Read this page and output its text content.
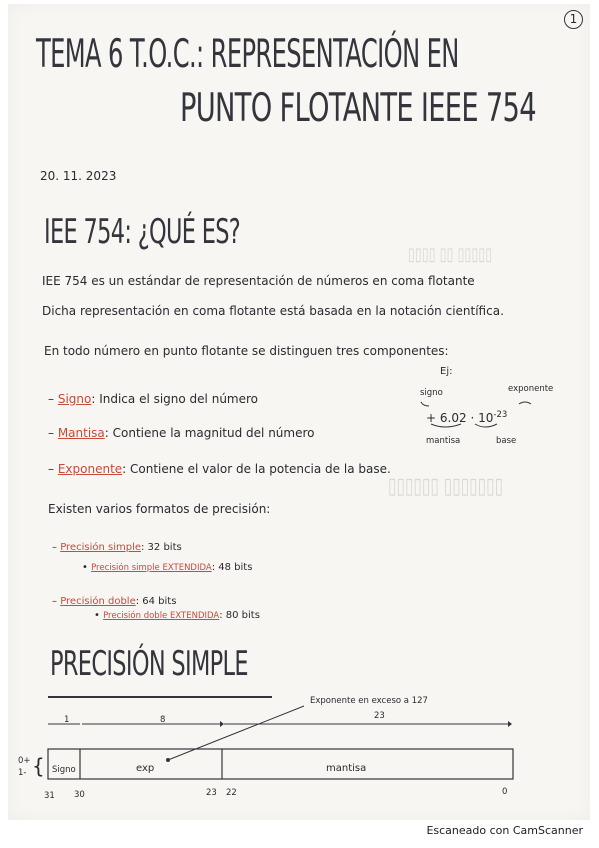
▯▯▯▯ ▯▯ ▯▯▯▯▯
▯▯▯▯▯▯ ▯▯▯▯▯▯▯
1
TEMA 6 T.O.C.: REPRESENTACIÓN EN
PUNTO FLOTANTE IEEE 754
20. 11. 2023
IEE 754: ¿QUÉ ES?
IEE 754 es un estándar de representación de números en coma flotante
Dicha representación en coma flotante está basada en la notación científica.
En todo número en punto flotante se distinguen tres componentes:
– Signo: Indica el signo del número
– Mantisa: Contiene la magnitud del número
– Exponente: Contiene el valor de la potencia de la base.
Ej:
signo	exponente
+ $6.02 \cdot 10^{-23}$
mantisa	base
Existen varios formatos de precisión:
– Precisión simple: 32 bits
• Precisión simple EXTENDIDA: 48 bits
– Precisión doble: 64 bits
• Precisión doble EXTENDIDA: 80 bits
PRECISIÓN SIMPLE
Exponente en exceso a 127
1	8	23
Signo	exp	mantisa
0+
1- {
31 30	23 22	0
Escaneado con CamScanner
